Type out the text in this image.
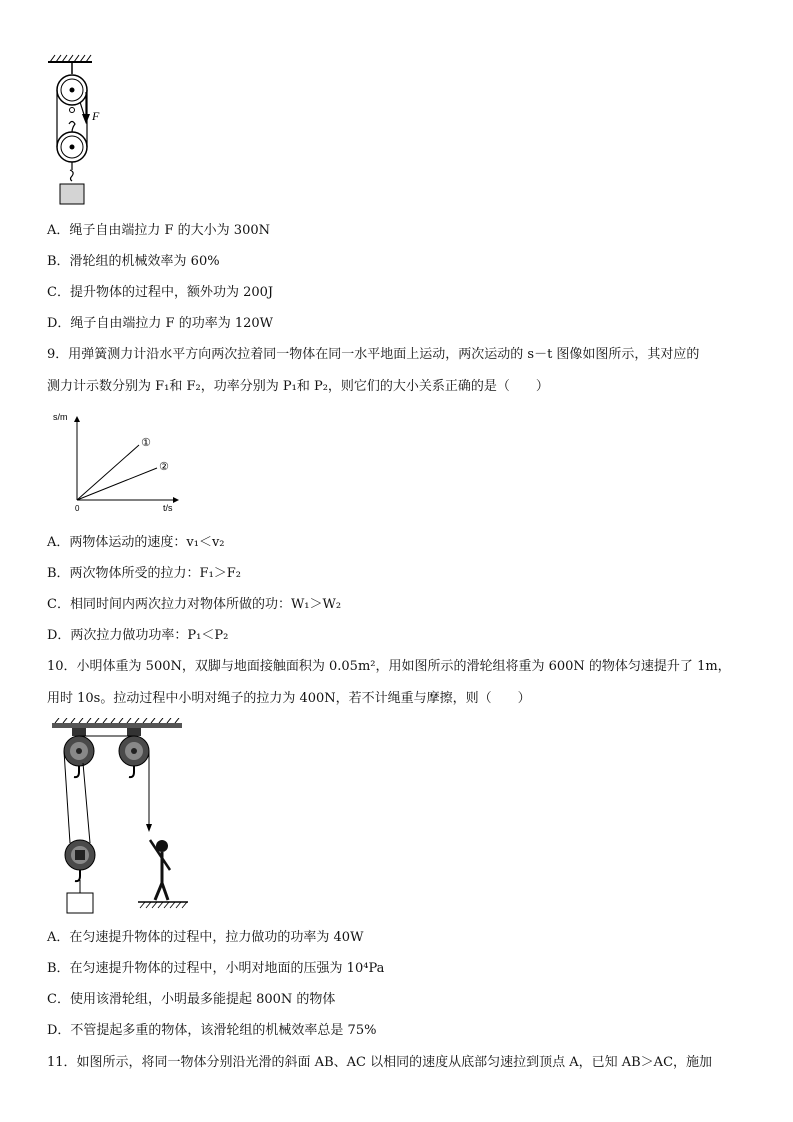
F
A．绳子自由端拉力 F 的大小为 300N
B．滑轮组的机械效率为 60%
C．提升物体的过程中，额外功为 200J
D．绳子自由端拉力 F 的功率为 120W
9．用弹簧测力计沿水平方向两次拉着同一物体在同一水平地面上运动，两次运动的 s－t 图像如图所示，其对应的
测力计示数分别为 F₁和 F₂，功率分别为 P₁和 P₂，则它们的大小关系正确的是（　　）
s/m
0	t/s
①
②
A．两物体运动的速度：v₁＜v₂
B．两次物体所受的拉力：F₁＞F₂
C．相同时间内两次拉力对物体所做的功：W₁＞W₂
D．两次拉力做功功率：P₁＜P₂
10．小明体重为 500N，双脚与地面接触面积为 0.05m²，用如图所示的滑轮组将重为 600N 的物体匀速提升了 1m，
用时 10s。拉动过程中小明对绳子的拉力为 400N，若不计绳重与摩擦，则（　　）
A．在匀速提升物体的过程中，拉力做功的功率为 40W
B．在匀速提升物体的过程中，小明对地面的压强为 10⁴Pa
C．使用该滑轮组，小明最多能提起 800N 的物体
D．不管提起多重的物体，该滑轮组的机械效率总是 75%
11．如图所示，将同一物体分别沿光滑的斜面 AB、AC 以相同的速度从底部匀速拉到顶点 A，已知 AB＞AC，施加
